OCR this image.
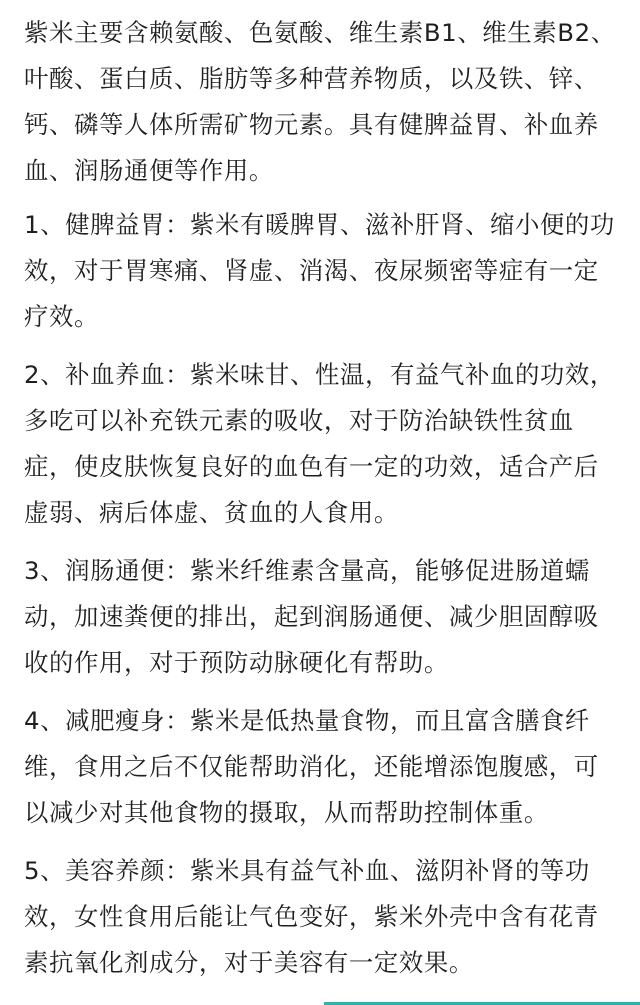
紫米主要含赖氨酸、色氨酸、维生素B1、维生素B2、叶酸、蛋白质、脂肪等多种营养物质，以及铁、锌、钙、磷等人体所需矿物元素。具有健脾益胃、补血养血、润肠通便等作用。

1、健脾益胃：紫米有暖脾胃、滋补肝肾、缩小便的功效，对于胃寒痛、肾虚、消渴、夜尿频密等症有一定疗效。

2、补血养血：紫米味甘、性温，有益气补血的功效，多吃可以补充铁元素的吸收，对于防治缺铁性贫血症，使皮肤恢复良好的血色有一定的功效，适合产后虚弱、病后体虚、贫血的人食用。

3、润肠通便：紫米纤维素含量高，能够促进肠道蠕动，加速粪便的排出，起到润肠通便、减少胆固醇吸收的作用，对于预防动脉硬化有帮助。

4、减肥瘦身：紫米是低热量食物，而且富含膳食纤维，食用之后不仅能帮助消化，还能增添饱腹感，可以减少对其他食物的摄取，从而帮助控制体重。

5、美容养颜：紫米具有益气补血、滋阴补肾的等功效，女性食用后能让气色变好，紫米外壳中含有花青素抗氧化剂成分，对于美容有一定效果。
